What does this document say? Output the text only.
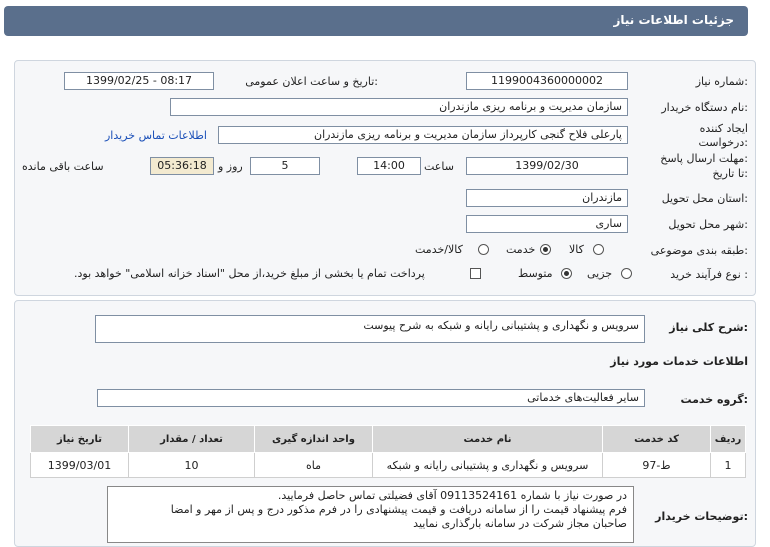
جزئیات اطلاعات نیاز
شماره نیاز:
1199004360000002
تاریخ و ساعت اعلان عمومی:
1399/02/25 - 08:17
نام دستگاه خریدار:
سازمان مدیریت و برنامه ریزی مازندران
ایجاد کننده
درخواست:
پارعلی فلاح گنجی کارپرداز سازمان مدیریت و برنامه ریزی مازندران
اطلاعات تماس خریدار
مهلت ارسال پاسخ:
تا تاریخ:
1399/02/30
ساعت
14:00
5
روز و
05:36:18
ساعت باقی مانده
استان محل تحویل:
مازندران
شهر محل تحویل:
ساری
طبقه بندی موضوعی:
کالا
خدمت
کالا/خدمت
نوع فرآیند خرید :
جزیی
متوسط
پرداخت تمام یا بخشی از مبلغ خرید،از محل "اسناد خزانه اسلامی" خواهد بود.
شرح کلی نیاز:
سرویس و نگهداری و پشتیبانی رایانه و شبکه به شرح پیوست
اطلاعات خدمات مورد نیاز
گروه خدمت:
سایر فعالیت‌های خدماتی
ردیف	کد خدمت	نام خدمت	واحد اندازه گیری	تعداد / مقدار	تاریخ نیاز
1	ط-97	سرویس و نگهداری و پشتیبانی رایانه و شبکه	ماه	10	1399/03/01
توضیحات خریدار:
در صورت نیاز با شماره 09113524161 آقای فضیلتی تماس حاصل فرمایید.
فرم پیشنهاد قیمت را از سامانه دریافت و قیمت پیشنهادی را در فرم مذکور درج و پس از مهر و امضا
صاحبان مجاز شرکت در سامانه بارگذاری نمایید
